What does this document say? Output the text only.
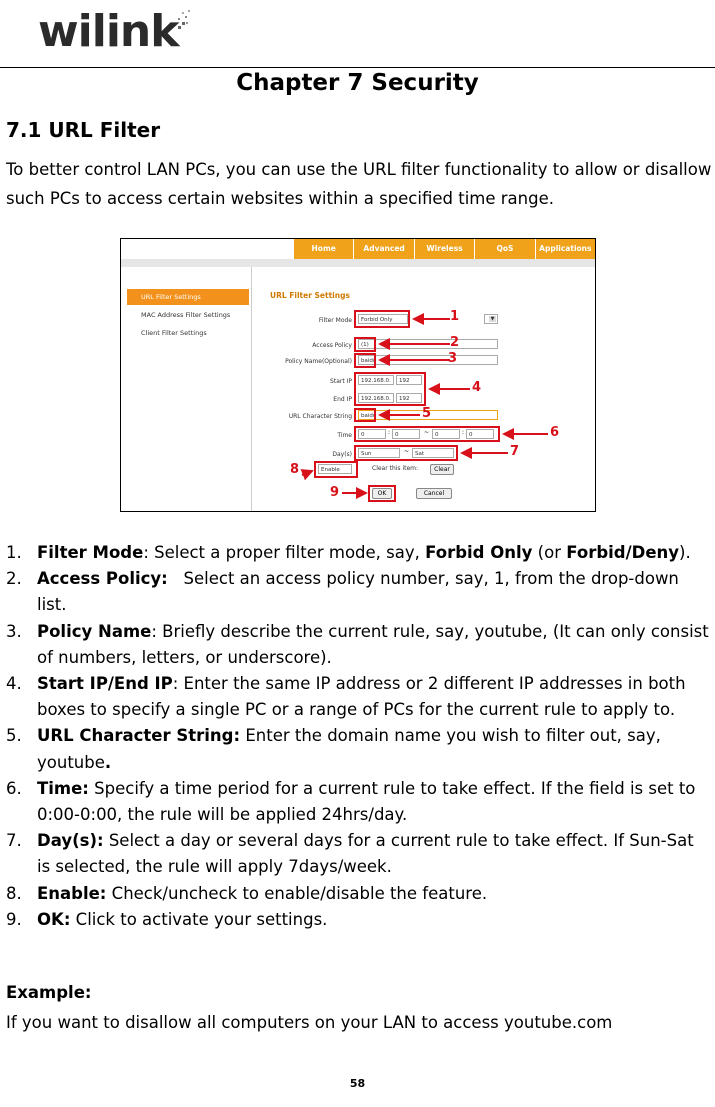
wilink
Chapter 7 Security
7.1 URL Filter
To better control LAN PCs, you can use the URL filter functionality to allow or disallow such PCs to access certain websites within a specified time range.
Home	Advanced	Wireless	QoS	Applications
URL Filter Settings
MAC Address Filter Settings
Client Filter Settings
URL Filter Settings
Filter Mode	Forbid Only	▼
Access Policy	(1)
Policy Name(Optional)	baidu
Start IP	192.168.0.	192
End IP	192.168.0.	192
URL Character String	baidu
Time	0	: 0	~	0	: 0
Day(s)	Sun	~	Sat
Enable	Clear this item:	Clear
OK	Cancel
1
2
3
4
5
6
7
8
9
1. Filter Mode: Select a proper filter mode, say, Forbid Only (or Forbid/Deny).
2. Access Policy:   Select an access policy number, say, 1, from the drop-down list.
3. Policy Name: Briefly describe the current rule, say, youtube, (It can only consist of numbers, letters, or underscore).
4. Start IP/End IP: Enter the same IP address or 2 different IP addresses in both boxes to specify a single PC or a range of PCs for the current rule to apply to.
5. URL Character String: Enter the domain name you wish to filter out, say, youtube.
6. Time: Specify a time period for a current rule to take effect. If the field is set to 0:00-0:00, the rule will be applied 24hrs/day.
7. Day(s): Select a day or several days for a current rule to take effect. If Sun-Sat is selected, the rule will apply 7days/week.
8. Enable: Check/uncheck to enable/disable the feature.
9. OK: Click to activate your settings.
Example:
If you want to disallow all computers on your LAN to access youtube.com
58
